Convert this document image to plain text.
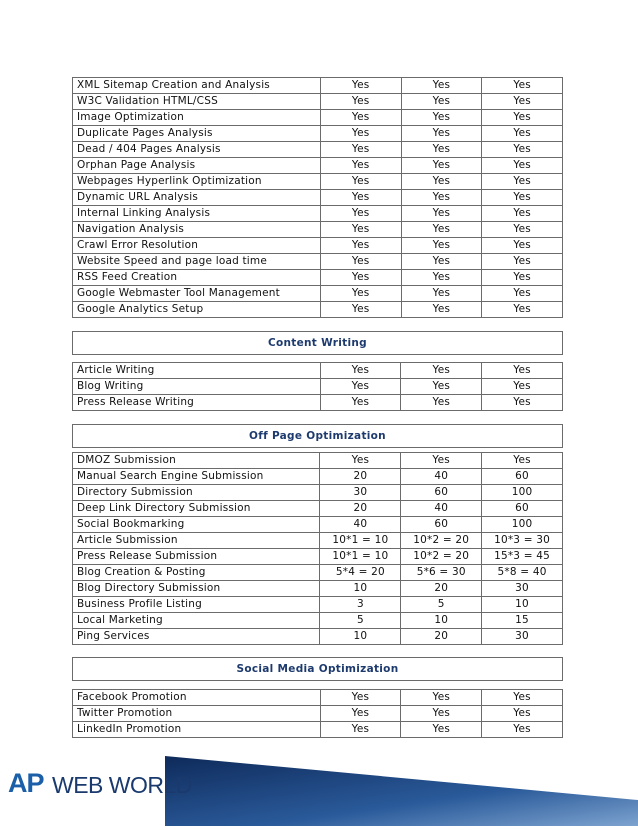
XML Sitemap Creation and Analysis	Yes	Yes	Yes
W3C Validation HTML/CSS	Yes	Yes	Yes
Image Optimization	Yes	Yes	Yes
Duplicate Pages Analysis	Yes	Yes	Yes
Dead / 404 Pages Analysis	Yes	Yes	Yes
Orphan Page Analysis	Yes	Yes	Yes
Webpages Hyperlink Optimization	Yes	Yes	Yes
Dynamic URL Analysis	Yes	Yes	Yes
Internal Linking Analysis	Yes	Yes	Yes
Navigation Analysis	Yes	Yes	Yes
Crawl Error Resolution	Yes	Yes	Yes
Website Speed and page load time	Yes	Yes	Yes
RSS Feed Creation	Yes	Yes	Yes
Google Webmaster Tool Management	Yes	Yes	Yes
Google Analytics Setup	Yes	Yes	Yes
Content Writing
Article Writing	Yes	Yes	Yes
Blog Writing	Yes	Yes	Yes
Press Release Writing	Yes	Yes	Yes
Off Page Optimization
DMOZ Submission	Yes	Yes	Yes
Manual Search Engine Submission	20	40	60
Directory Submission	30	60	100
Deep Link Directory Submission	20	40	60
Social Bookmarking	40	60	100
Article Submission	10*1 = 10	10*2 = 20	10*3 = 30
Press Release Submission	10*1 = 10	10*2 = 20	15*3 = 45
Blog Creation & Posting	5*4 = 20	5*6 = 30	5*8 = 40
Blog Directory Submission	10	20	30
Business Profile Listing	3	5	10
Local Marketing	5	10	15
Ping Services	10	20	30
Social Media Optimization
Facebook Promotion	Yes	Yes	Yes
Twitter Promotion	Yes	Yes	Yes
LinkedIn Promotion	Yes	Yes	Yes
AP WEB WORLD
